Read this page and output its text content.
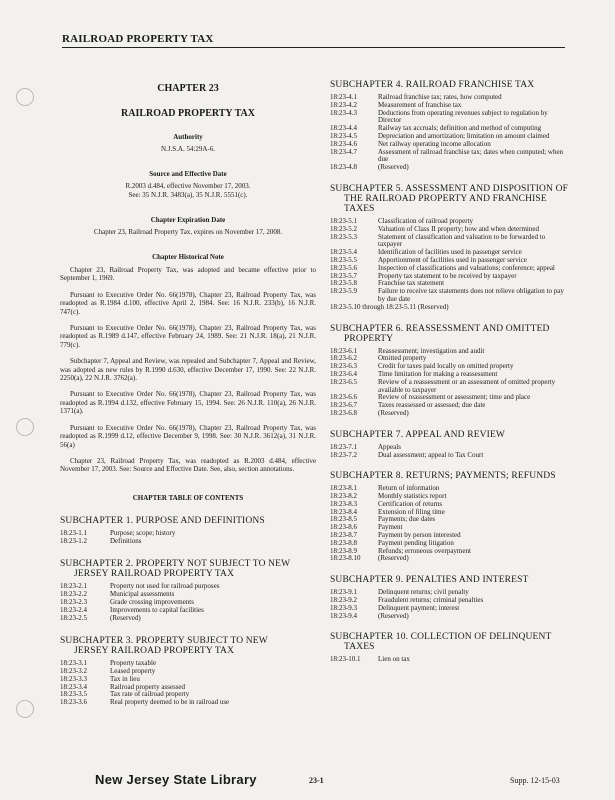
RAILROAD PROPERTY TAX
CHAPTER 23
RAILROAD PROPERTY TAX
Authority
N.J.S.A. 54:29A-6.
Source and Effective Date
R.2003 d.484, effective November 17, 2003.
See: 35 N.J.R. 3483(a), 35 N.J.R. 5551(c).
Chapter Expiration Date
Chapter 23, Railroad Property Tax, expires on November 17, 2008.
Chapter Historical Note
Chapter 23, Railroad Property Tax, was adopted and became effective prior to September 1, 1969.
Pursuant to Executive Order No. 66(1978), Chapter 23, Railroad Property Tax, was readopted as R.1984 d.100, effective April 2, 1984. See: 16 N.J.R. 233(b), 16 N.J.R. 747(c).
Pursuant to Executive Order No. 66(1978), Chapter 23, Railroad Property Tax, was readopted as R.1989 d.147, effective February 24, 1989. See: 21 N.J.R. 18(a), 21 N.J.R. 779(c).
Subchapter 7, Appeal and Review, was repealed and Subchapter 7, Appeal and Review, was adopted as new rules by R.1990 d.630, effective December 17, 1990. See: 22 N.J.R. 2250(a), 22 N.J.R. 3762(a).
Pursuant to Executive Order No. 66(1978), Chapter 23, Railroad Property Tax, was readopted as R.1994 d.132, effective February 15, 1994. See: 26 N.J.R. 110(a), 26 N.J.R. 1371(a).
Pursuant to Executive Order No. 66(1978), Chapter 23, Railroad Property Tax, was readopted as R.1999 d.12, effective December 9, 1998. See: 30 N.J.R. 3612(a), 31 N.J.R. 56(a)
Chapter 23, Railroad Property Tax, was readopted as R.2003 d.484, effective November 17, 2003. See: Source and Effective Date. See, also, section annotations.
CHAPTER TABLE OF CONTENTS
SUBCHAPTER 1. PURPOSE AND DEFINITIONS
18:23-1.1	Purpose; scope; history
18:23-1.2	Definitions
SUBCHAPTER 2. PROPERTY NOT SUBJECT TO NEW
JERSEY RAILROAD PROPERTY TAX
18:23-2.1	Property not used for railroad purposes
18:23-2.2	Municipal assessments
18:23-2.3	Grade crossing improvements
18:23-2.4	Improvements to capital facilities
18:23-2.5	(Reserved)
SUBCHAPTER 3. PROPERTY SUBJECT TO NEW
JERSEY RAILROAD PROPERTY TAX
18:23-3.1	Property taxable
18:23-3.2	Leased property
18:23-3.3	Tax in lieu
18:23-3.4	Railroad property assessed
18:23-3.5	Tax rate of railroad property
18:23-3.6	Real property deemed to be in railroad use
SUBCHAPTER 4. RAILROAD FRANCHISE TAX
18:23-4.1	Railroad franchise tax; rates, how computed
18:23-4.2	Measurement of franchise tax
18:23-4.3	Deductions from operating revenues subject to regulation by Director
18:23-4.4	Railway tax accruals; definition and method of computing
18:23-4.5	Depreciation and amortization; limitation on amount claimed
18:23-4.6	Net railway operating income allocation
18:23-4.7	Assessment of railroad franchise tax; dates when computed; when due
18:23-4.8	(Reserved)
SUBCHAPTER 5. ASSESSMENT AND DISPOSITION OF
THE RAILROAD PROPERTY AND FRANCHISE
TAXES
18:23-5.1	Classification of railroad property
18:23-5.2	Valuation of Class II property; how and when determined
18:23-5.3	Statement of classification and valuation to be forwarded to taxpayer
18:23-5.4	Identification of facilities used in passenger service
18:23-5.5	Apportionment of facilities used in passenger service
18:23-5.6	Inspection of classifications and valuations; conference; appeal
18:23-5.7	Property tax statement to be received by taxpayer
18:23-5.8	Franchise tax statement
18:23-5.9	Failure to receive tax statements does not relieve obligation to pay by due date
18:23-5.10 through 18:23-5.11 (Reserved)
SUBCHAPTER 6. REASSESSMENT AND OMITTED
PROPERTY
18:23-6.1	Reassessment; investigation and audit
18:23-6.2	Omitted property
18:23-6.3	Credit for taxes paid locally on omitted property
18:23-6.4	Time limitation for making a reassessment
18:23-6.5	Review of a reassessment or an assessment of omitted property available to taxpayer
18:23-6.6	Review of reassessment or assessment; time and place
18:23-6.7	Taxes reassessed or assessed; due date
18:23-6.8	(Reserved)
SUBCHAPTER 7. APPEAL AND REVIEW
18:23-7.1	Appeals
18:23-7.2	Dual assessment; appeal to Tax Court
SUBCHAPTER 8. RETURNS; PAYMENTS; REFUNDS
18:23-8.1	Return of information
18:23-8.2	Monthly statistics report
18:23-8.3	Certification of returns
18:23-8.4	Extension of filing time
18:23-8.5	Payments; due dates
18:23-8.6	Payment
18:23-8.7	Payment by person interested
18:23-8.8	Payment pending litigation
18:23-8.9	Refunds; erroneous overpayment
18:23-8.10	(Reserved)
SUBCHAPTER 9. PENALTIES AND INTEREST
18:23-9.1	Delinquent returns; civil penalty
18:23-9.2	Fraudulent returns; criminal penalties
18:23-9.3	Delinquent payment; interest
18:23-9.4	(Reserved)
SUBCHAPTER 10. COLLECTION OF DELINQUENT
TAXES
18:23-10.1	Lien on tax
New Jersey State Library	23-1	Supp. 12-15-03
